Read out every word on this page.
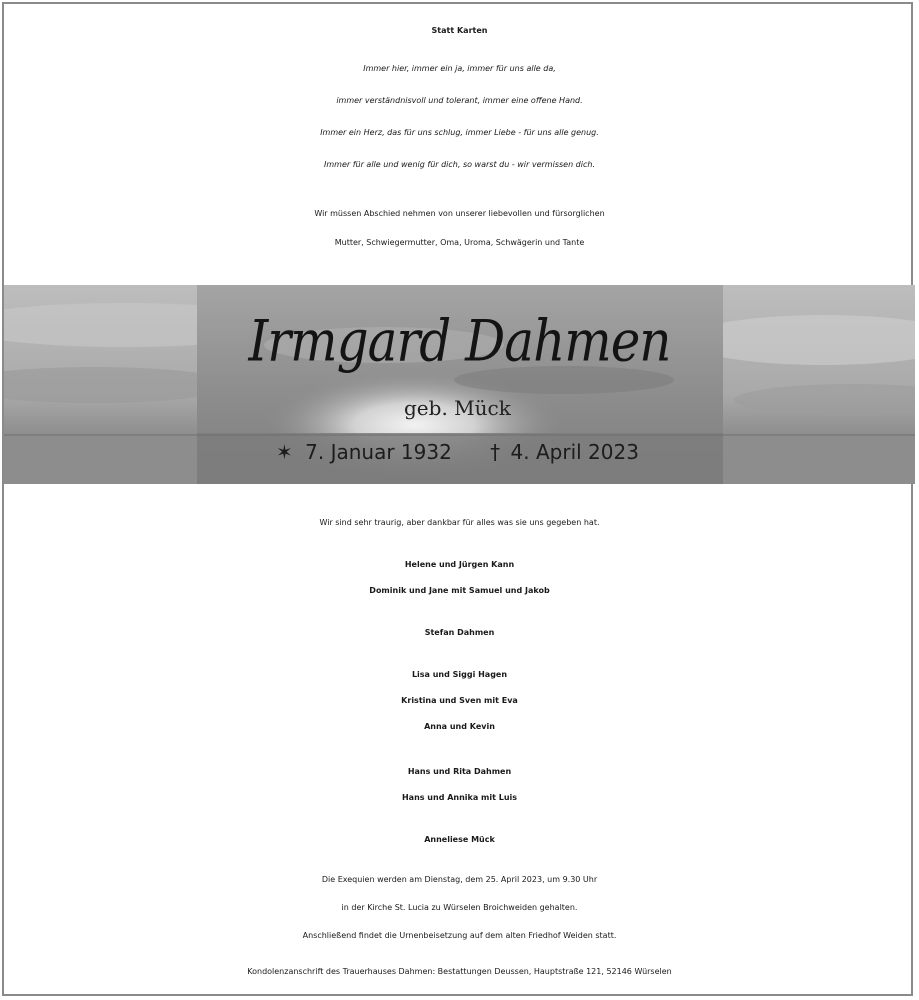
Statt Karten
Immer hier, immer ein ja, immer für uns alle da,
immer verständnisvoll und tolerant, immer eine offene Hand.
Immer ein Herz, das für uns schlug, immer Liebe - für uns alle genug.
Immer für alle und wenig für dich, so warst du - wir vermissen dich.
Wir müssen Abschied nehmen von unserer liebevollen und fürsorglichen
Mutter, Schwiegermutter, Oma, Uroma, Schwägerin und Tante
Irmgard Dahmen
geb. Mück
✶ 7. Januar 1932 † 4. April 2023
Wir sind sehr traurig, aber dankbar für alles was sie uns gegeben hat.
Helene und Jürgen Kann
Dominik und Jane mit Samuel und Jakob
Stefan Dahmen
Lisa und Siggi Hagen
Kristina und Sven mit Eva
Anna und Kevin
Hans und Rita Dahmen
Hans und Annika mit Luis
Anneliese Mück
Die Exequien werden am Dienstag, dem 25. April 2023, um 9.30 Uhr
in der Kirche St. Lucia zu Würselen Broichweiden gehalten.
Anschließend findet die Urnenbeisetzung auf dem alten Friedhof Weiden statt.
Kondolenzanschrift des Trauerhauses Dahmen: Bestattungen Deussen, Hauptstraße 121, 52146 Würselen
